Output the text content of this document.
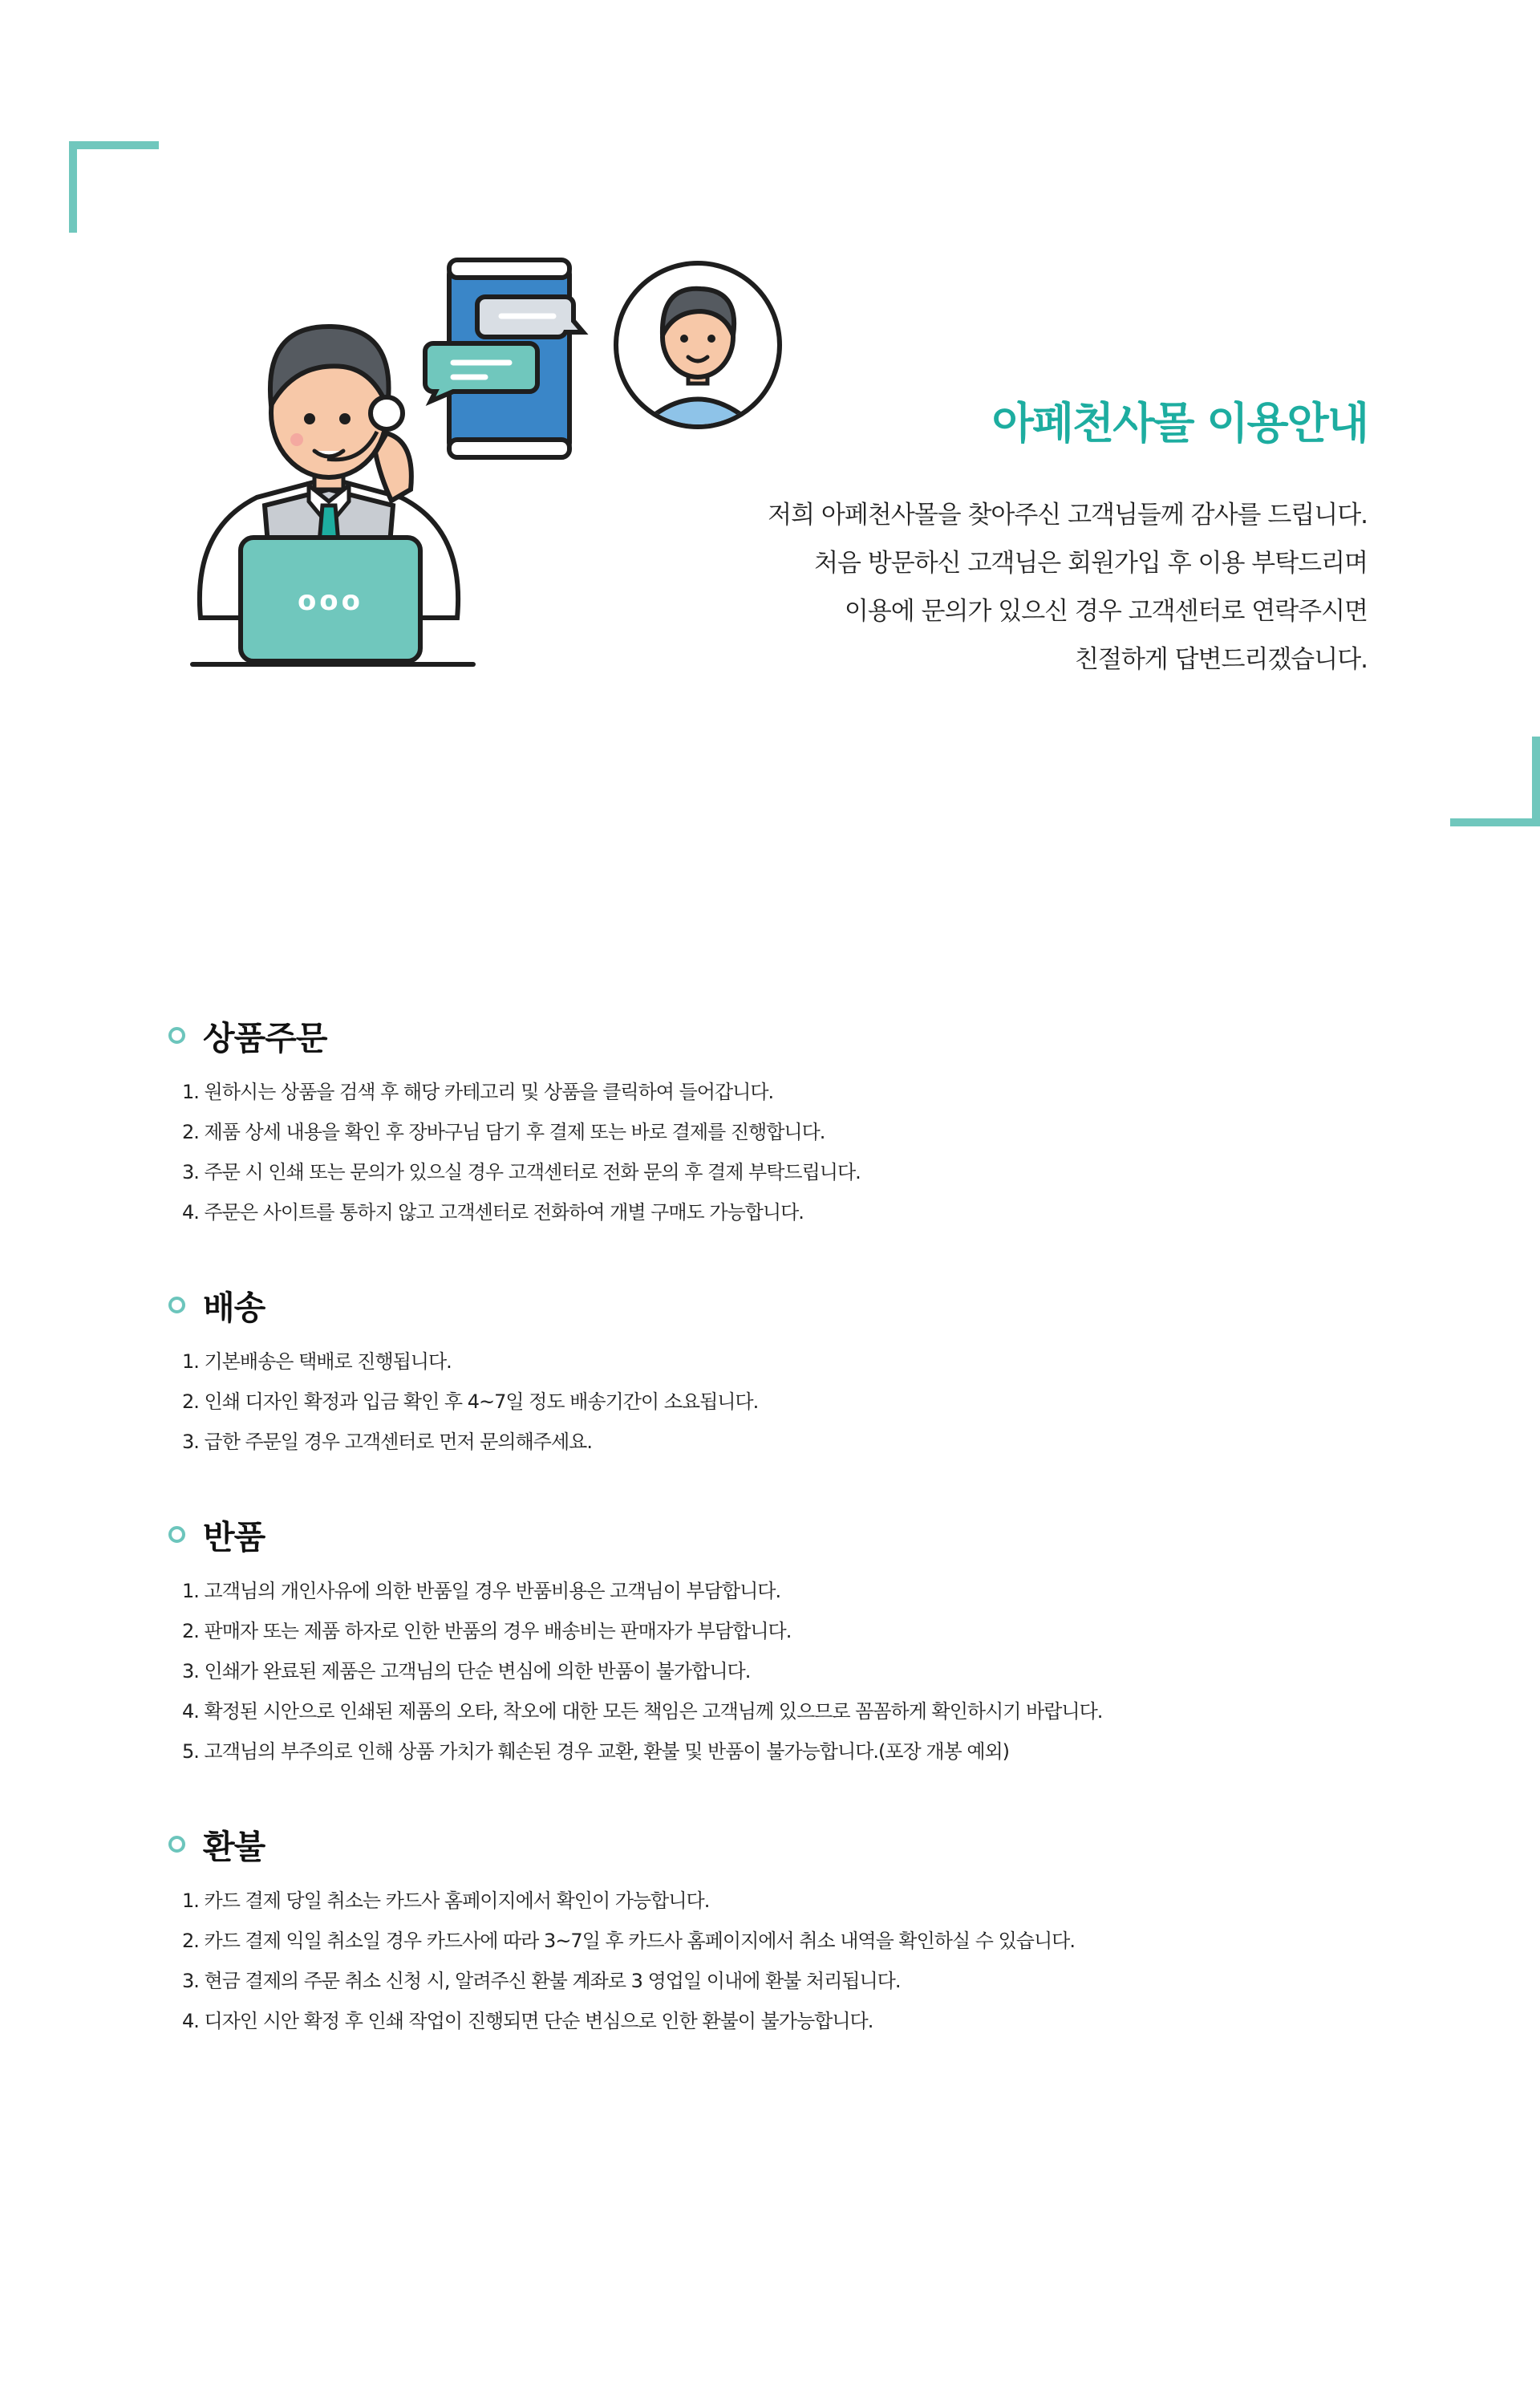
ooo
아페천사몰 이용안내
저희 아페천사몰을 찾아주신 고객님들께 감사를 드립니다.
처음 방문하신 고객님은 회원가입 후 이용 부탁드리며
이용에 문의가 있으신 경우 고객센터로 연락주시면
친절하게 답변드리겠습니다.
상품주문
1. 원하시는 상품을 검색 후 해당 카테고리 및 상품을 클릭하여 들어갑니다.
2. 제품 상세 내용을 확인 후 장바구님 담기 후 결제 또는 바로 결제를 진행합니다.
3. 주문 시 인쇄 또는 문의가 있으실 경우 고객센터로 전화 문의 후 결제 부탁드립니다.
4. 주문은 사이트를 통하지 않고 고객센터로 전화하여 개별 구매도 가능합니다.
배송
1. 기본배송은 택배로 진행됩니다.
2. 인쇄 디자인 확정과 입금 확인 후 4~7일 정도 배송기간이 소요됩니다.
3. 급한 주문일 경우 고객센터로 먼저 문의해주세요.
반품
1. 고객님의 개인사유에 의한 반품일 경우 반품비용은 고객님이 부담합니다.
2. 판매자 또는 제품 하자로 인한 반품의 경우 배송비는 판매자가 부담합니다.
3. 인쇄가 완료된 제품은 고객님의 단순 변심에 의한 반품이 불가합니다.
4. 확정된 시안으로 인쇄된 제품의 오타, 착오에 대한 모든 책임은 고객님께 있으므로 꼼꼼하게 확인하시기 바랍니다.
5. 고객님의 부주의로 인해 상품 가치가 훼손된 경우 교환, 환불 및 반품이 불가능합니다.(포장 개봉 예외)
환불
1. 카드 결제 당일 취소는 카드사 홈페이지에서 확인이 가능합니다.
2. 카드 결제 익일 취소일 경우 카드사에 따라 3~7일 후 카드사 홈페이지에서 취소 내역을 확인하실 수 있습니다.
3. 현금 결제의 주문 취소 신청 시, 알려주신 환불 계좌로 3 영업일 이내에 환불 처리됩니다.
4. 디자인 시안 확정 후 인쇄 작업이 진행되면 단순 변심으로 인한 환불이 불가능합니다.
